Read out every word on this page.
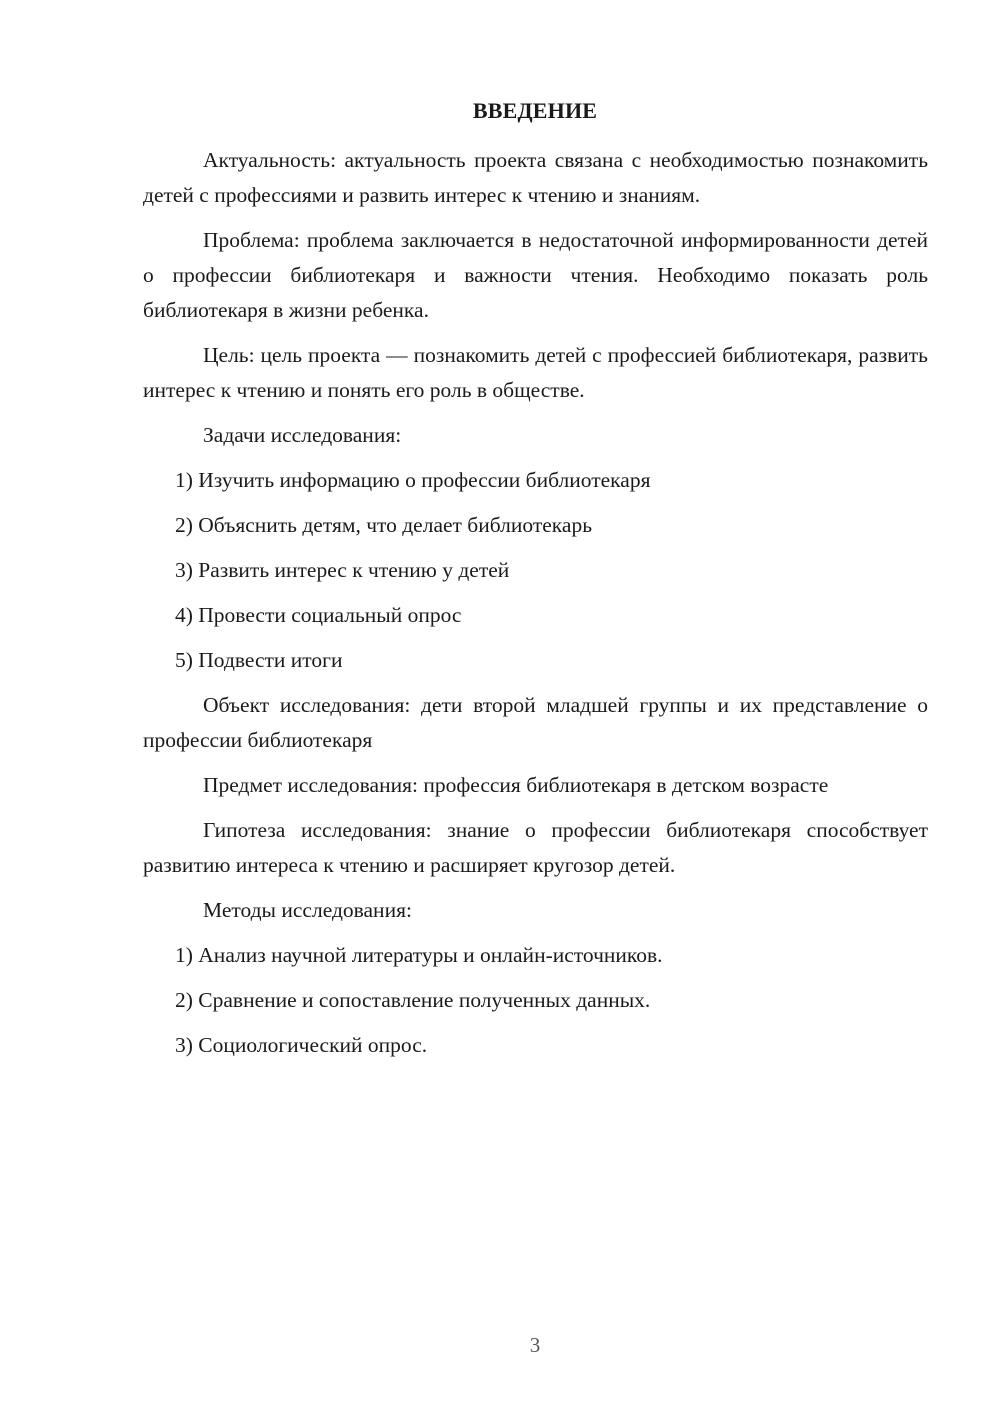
ВВЕДЕНИЕ

Актуальность: актуальность проекта связана с необходимостью познакомить детей с профессиями и развить интерес к чтению и знаниям.

Проблема: проблема заключается в недостаточной информированности детей о профессии библиотекаря и важности чтения. Необходимо показать роль библиотекаря в жизни ребенка.

Цель: цель проекта — познакомить детей с профессией библиотекаря, развить интерес к чтению и понять его роль в обществе.

Задачи исследования:

1) Изучить информацию о профессии библиотекаря
2) Объяснить детям, что делает библиотекарь
3) Развить интерес к чтению у детей
4) Провести социальный опрос
5) Подвести итоги

Объект исследования: дети второй младшей группы и их представление о профессии библиотекаря

Предмет исследования: профессия библиотекаря в детском возрасте

Гипотеза исследования: знание о профессии библиотекаря способствует развитию интереса к чтению и расширяет кругозор детей.

Методы исследования:

1) Анализ научной литературы и онлайн-источников.
2) Сравнение и сопоставление полученных данных.
3) Социологический опрос.
3
